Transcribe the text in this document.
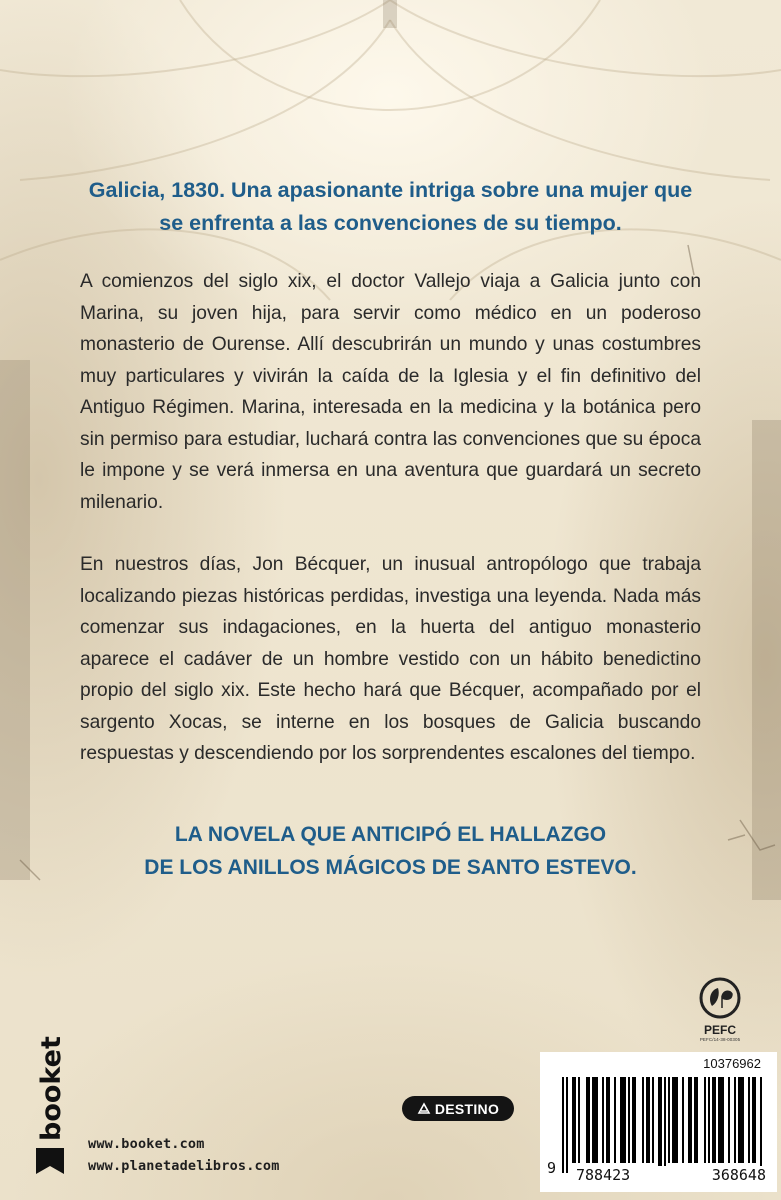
Galicia, 1830. Una apasionante intriga sobre una mujer que se enfrenta a las convenciones de su tiempo.

A comienzos del siglo xix, el doctor Vallejo viaja a Galicia junto con Marina, su joven hija, para servir como médico en un poderoso monasterio de Ourense. Allí descubrirán un mundo y unas costumbres muy particulares y vivirán la caída de la Iglesia y el fin definitivo del Antiguo Régimen. Marina, interesada en la medicina y la botánica pero sin permiso para estudiar, luchará contra las convenciones que su época le impone y se verá inmersa en una aventura que guardará un secreto milenario.

En nuestros días, Jon Bécquer, un inusual antropólogo que trabaja localizando piezas históricas perdidas, investiga una leyenda. Nada más comenzar sus indagaciones, en la huerta del antiguo monasterio aparece el cadáver de un hombre vestido con un hábito benedictino propio del siglo xix. Este hecho hará que Bécquer, acompañado por el sargento Xocas, se interne en los bosques de Galicia buscando respuestas y descendiendo por los sorprendentes escalones del tiempo.

LA NOVELA QUE ANTICIPÓ EL HALLAZGO
DE LOS ANILLOS MÁGICOS DE SANTO ESTEVO.
PEFC
PEFC/14-38-00305
booket
www.booket.com
www.planetadelibros.com
DESTINO
10376962
9 788423	368648
